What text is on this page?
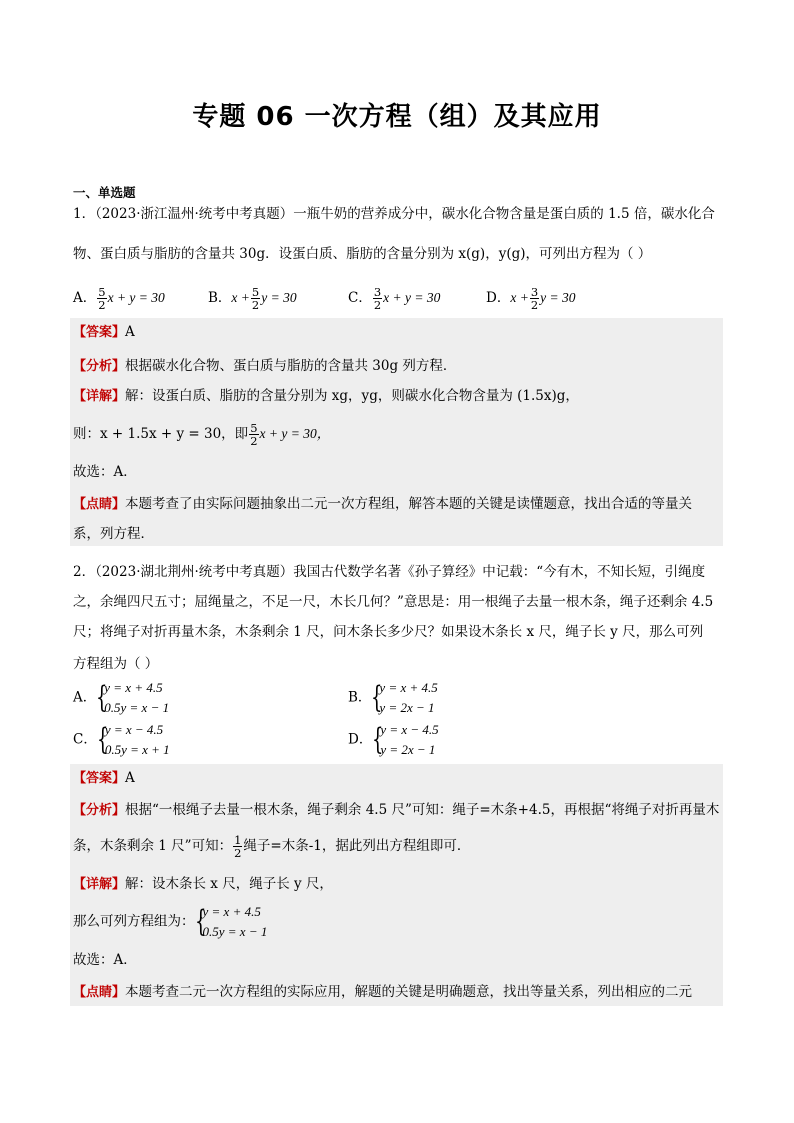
专题 06 一次方程（组）及其应用
一、单选题
1．（2023·浙江温州·统考中考真题）一瓶牛奶的营养成分中，碳水化合物含量是蛋白质的 1.5 倍，碳水化合
物、蛋白质与脂肪的含量共 30g．设蛋白质、脂肪的含量分别为 x(g)，y(g)，可列出方程为（ ）
A． $\frac{5}{2}$ x + y = 30	B．$x + \frac{5}{2}$ y = 30	C． $\frac{3}{2}$ x + y = 30	D．$x + \frac{3}{2}$ y = 30
【答案】A
【分析】根据碳水化合物、蛋白质与脂肪的含量共 30g 列方程．
【详解】解：设蛋白质、脂肪的含量分别为 xg，yg，则碳水化合物含量为 (1.5x)g，
则：x + 1.5x + y = 30，即 $\frac{5}{2}$ x + y = 30，
故选：A．
【点睛】本题考查了由实际问题抽象出二元一次方程组，解答本题的关键是读懂题意，找出合适的等量关
系，列方程．
2．（2023·湖北荆州·统考中考真题）我国古代数学名著《孙子算经》中记载：“今有木，不知长短，引绳度
之，余绳四尺五寸；屈绳量之，不足一尺，木长几何？”意思是：用一根绳子去量一根木条，绳子还剩余 4.5
尺；将绳子对折再量木条，木条剩余 1 尺，问木条长多少尺？如果设木条长 x 尺，绳子长 y 尺，那么可列
方程组为（ ）
A． {
y = x + 4.5
0.5y = x − 1
B． {
y = x + 4.5
y = 2x − 1
C． {
y = x − 4.5
0.5y = x + 1
D． {
y = x − 4.5
y = 2x − 1
【答案】A
【分析】根据“一根绳子去量一根木条，绳子剩余 4.5 尺”可知：绳子=木条+4.5，再根据“将绳子对折再量木
条，木条剩余 1 尺”可知： $\frac{1}{2}$ 绳子=木条-1，据此列出方程组即可．
【详解】解：设木条长 x 尺，绳子长 y 尺，
那么可列方程组为： {
y = x + 4.5
0.5y = x − 1
故选：A．
【点睛】本题考查二元一次方程组的实际应用，解题的关键是明确题意，找出等量关系，列出相应的二元
